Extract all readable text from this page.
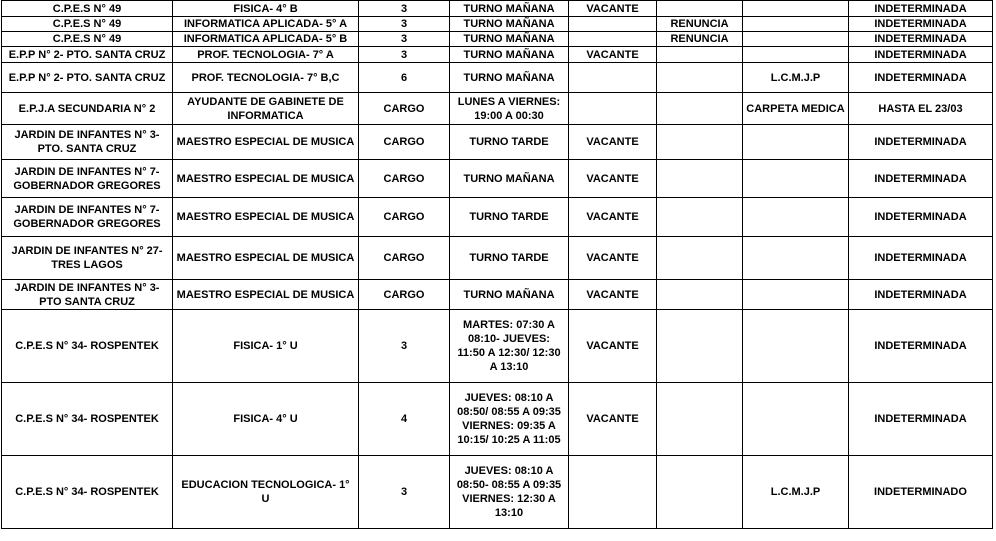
C.P.E.S N° 49	FISICA- 4° B	3	TURNO MAÑANA	VACANTE			INDETERMINADA
C.P.E.S N° 49	INFORMATICA APLICADA- 5° A	3	TURNO MAÑANA		RENUNCIA		INDETERMINADA
C.P.E.S N° 49	INFORMATICA APLICADA- 5° B	3	TURNO MAÑANA		RENUNCIA		INDETERMINADA
E.P.P N° 2- PTO. SANTA CRUZ	PROF. TECNOLOGIA- 7° A	3	TURNO MAÑANA	VACANTE			INDETERMINADA
E.P.P N° 2- PTO. SANTA CRUZ	PROF. TECNOLOGIA- 7° B,C	6	TURNO MAÑANA			L.C.M.J.P	INDETERMINADA
E.P.J.A SECUNDARIA N° 2	AYUDANTE DE GABINETE DE INFORMATICA	CARGO	LUNES A VIERNES: 19:00 A 00:30			CARPETA MEDICA	HASTA EL 23/03
JARDIN DE INFANTES N° 3- PTO. SANTA CRUZ	MAESTRO ESPECIAL DE MUSICA	CARGO	TURNO TARDE	VACANTE			INDETERMINADA
JARDIN DE INFANTES N° 7- GOBERNADOR GREGORES	MAESTRO ESPECIAL DE MUSICA	CARGO	TURNO MAÑANA	VACANTE			INDETERMINADA
JARDIN DE INFANTES N° 7- GOBERNADOR GREGORES	MAESTRO ESPECIAL DE MUSICA	CARGO	TURNO TARDE	VACANTE			INDETERMINADA
JARDIN DE INFANTES N° 27- TRES LAGOS	MAESTRO ESPECIAL DE MUSICA	CARGO	TURNO TARDE	VACANTE			INDETERMINADA
JARDIN DE INFANTES N° 3- PTO SANTA CRUZ	MAESTRO ESPECIAL DE MUSICA	CARGO	TURNO MAÑANA	VACANTE			INDETERMINADA
C.P.E.S N° 34- ROSPENTEK	FISICA- 1° U	3	MARTES: 07:30 A 08:10- JUEVES: 11:50 A 12:30/ 12:30 A 13:10	VACANTE			INDETERMINADA
C.P.E.S N° 34- ROSPENTEK	FISICA- 4° U	4	JUEVES: 08:10 A 08:50/ 08:55 A 09:35 VIERNES: 09:35 A 10:15/ 10:25 A 11:05	VACANTE			INDETERMINADA
C.P.E.S N° 34- ROSPENTEK	EDUCACION TECNOLOGICA- 1° U	3	JUEVES: 08:10 A 08:50- 08:55 A 09:35 VIERNES: 12:30 A 13:10			L.C.M.J.P	INDETERMINADO
